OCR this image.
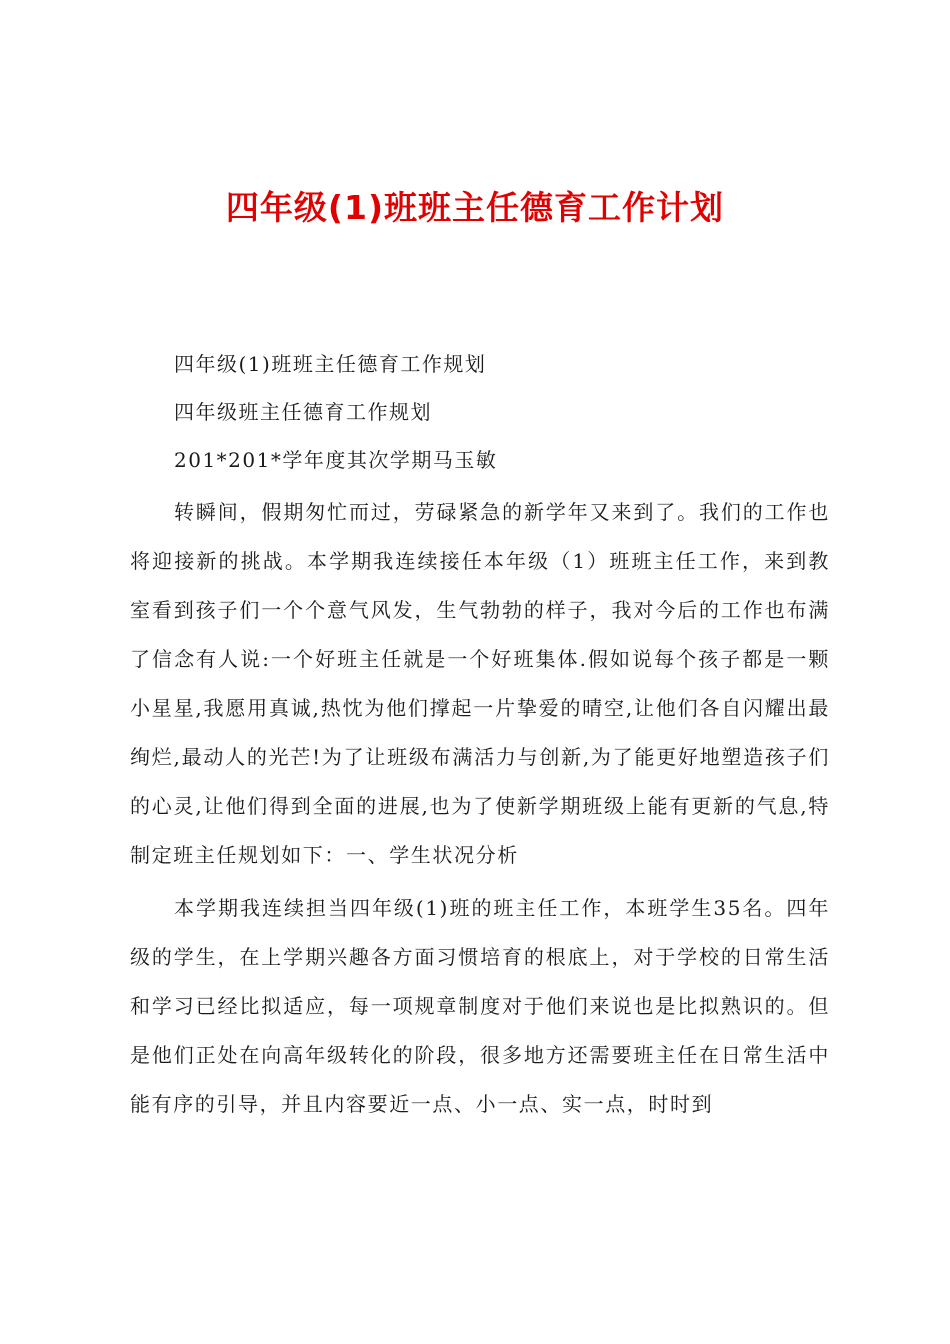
四年级(1)班班主任德育工作计划

四年级(1)班班主任德育工作规划

四年级班主任德育工作规划

201*201*学年度其次学期马玉敏

转瞬间，假期匆忙而过，劳碌紧急的新学年又来到了。我们的工作也将迎接新的挑战。本学期我连续接任本年级（1）班班主任工作，来到教室看到孩子们一个个意气风发，生气勃勃的样子，我对今后的工作也布满了信念有人说:一个好班主任就是一个好班集体.假如说每个孩子都是一颗小星星,我愿用真诚,热忱为他们撑起一片挚爱的晴空,让他们各自闪耀出最绚烂,最动人的光芒!为了让班级布满活力与创新,为了能更好地塑造孩子们的心灵,让他们得到全面的进展,也为了使新学期班级上能有更新的气息,特制定班主任规划如下：一、学生状况分析

本学期我连续担当四年级(1)班的班主任工作，本班学生35名。四年级的学生，在上学期兴趣各方面习惯培育的根底上，对于学校的日常生活和学习已经比拟适应，每一项规章制度对于他们来说也是比拟熟识的。但是他们正处在向高年级转化的阶段，很多地方还需要班主任在日常生活中能有序的引导，并且内容要近一点、小一点、实一点，时时到
